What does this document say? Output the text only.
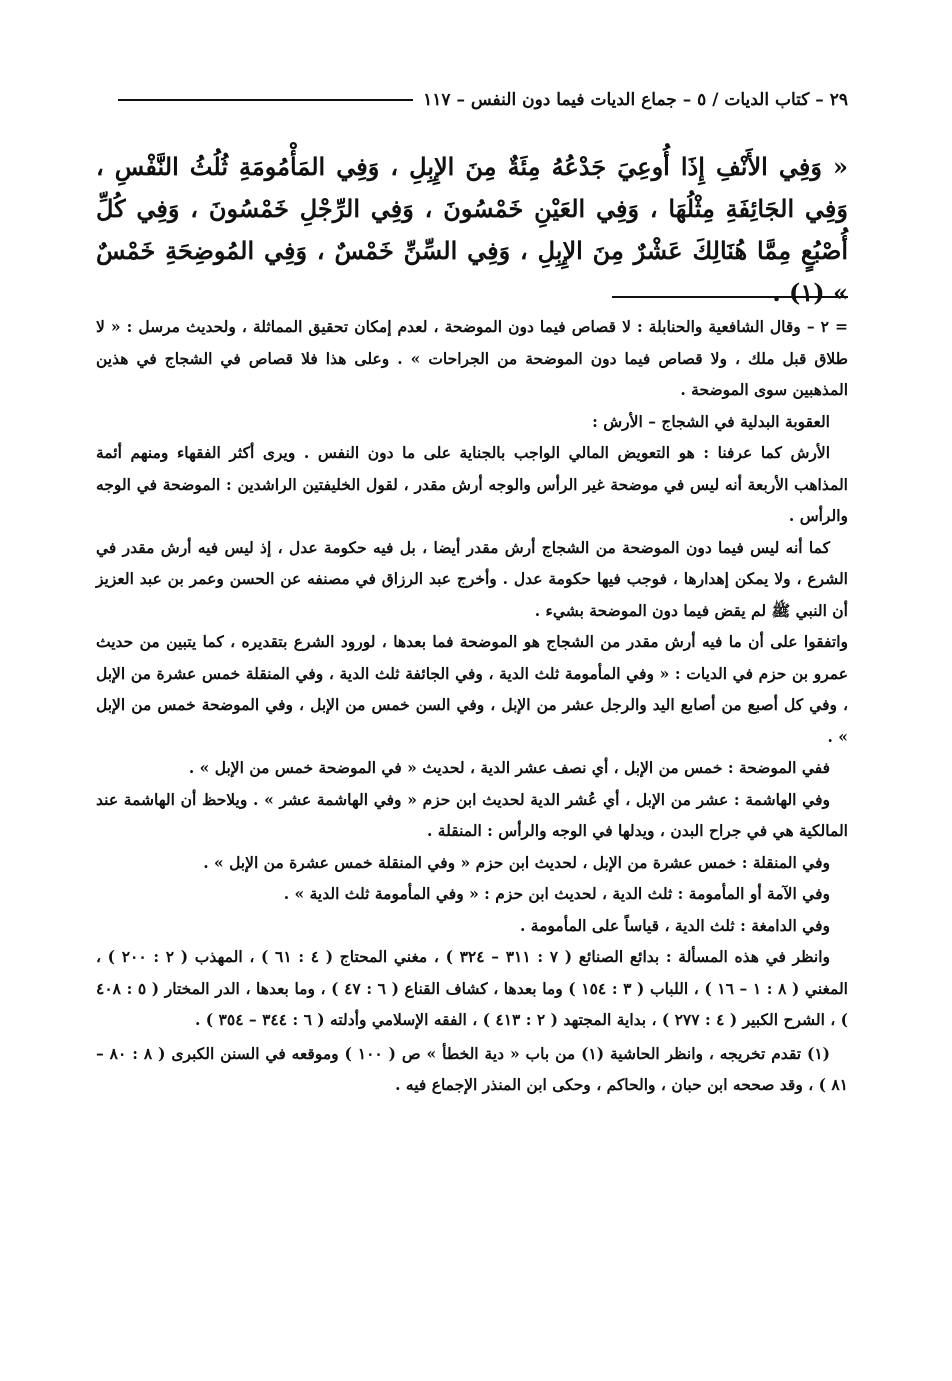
٢٩ – كتاب الديات / ٥ – جماع الديات فيما دون النفس – ١١٧

« وَفِي الأَنْفِ إِذَا أُوعِيَ جَدْعُهُ مِئَةٌ مِنَ الإِبِلِ ، وَفِي المَأْمُومَةِ ثُلُثُ النَّفْسِ ، وَفِي الجَائِفَةِ مِثْلُهَا ، وَفِي العَيْنِ خَمْسُونَ ، وَفِي الرِّجْلِ خَمْسُونَ ، وَفِي كُلِّ أُصْبُعٍ مِمَّا هُنَالِكَ عَشْرٌ مِنَ الإِبِلِ ، وَفِي السِّنِّ خَمْسٌ ، وَفِي المُوضِحَةِ خَمْسٌ » (١) .

= ٢ – وقال الشافعية والحنابلة : لا قصاص فيما دون الموضحة ، لعدم إمكان تحقيق المماثلة ، ولحديث مرسل : « لا طلاق قبل ملك ، ولا قصاص فيما دون الموضحة من الجراحات » . وعلى هذا فلا قصاص في الشجاج في هذين المذهبين سوى الموضحة .

العقوبة البدلية في الشجاج – الأرش :

الأرش كما عرفنا : هو التعويض المالي الواجب بالجناية على ما دون النفس . ويرى أكثر الفقهاء ومنهم أئمة المذاهب الأربعة أنه ليس في موضحة غير الرأس والوجه أرش مقدر ، لقول الخليفتين الراشدين : الموضحة في الوجه والرأس .

كما أنه ليس فيما دون الموضحة من الشجاج أرش مقدر أيضا ، بل فيه حكومة عدل ، إذ ليس فيه أرش مقدر في الشرع ، ولا يمكن إهدارها ، فوجب فيها حكومة عدل . وأخرج عبد الرزاق في مصنفه عن الحسن وعمر بن عبد العزيز أن النبي ﷺ لم يقض فيما دون الموضحة بشيء .

واتفقوا على أن ما فيه أرش مقدر من الشجاج هو الموضحة فما بعدها ، لورود الشرع بتقديره ، كما يتبين من حديث عمرو بن حزم في الديات : « وفي المأمومة ثلث الدية ، وفي الجائفة ثلث الدية ، وفي المنقلة خمس عشرة من الإبل ، وفي كل أصبع من أصابع اليد والرجل عشر من الإبل ، وفي السن خمس من الإبل ، وفي الموضحة خمس من الإبل » .

ففي الموضحة : خمس من الإبل ، أي نصف عشر الدية ، لحديث « في الموضحة خمس من الإبل » .

وفي الهاشمة : عشر من الإبل ، أي عُشر الدية لحديث ابن حزم « وفي الهاشمة عشر » . ويلاحظ أن الهاشمة عند المالكية هي في جراح البدن ، ويدلها في الوجه والرأس : المنقلة .

وفي المنقلة : خمس عشرة من الإبل ، لحديث ابن حزم « وفي المنقلة خمس عشرة من الإبل » .

وفي الآمة أو المأمومة : ثلث الدية ، لحديث ابن حزم : « وفي المأمومة ثلث الدية » .

وفي الدامغة : ثلث الدية ، قياساً على المأمومة .

وانظر في هذه المسألة : بدائع الصنائع ( ٧ : ٣١١ – ٣٢٤ ) ، مغني المحتاج ( ٤ : ٦١ ) ، المهذب ( ٢ : ٢٠٠ ) ، المغني ( ٨ : ١ – ١٦ ) ، اللباب ( ٣ : ١٥٤ ) وما بعدها ، كشاف القناع ( ٦ : ٤٧ ) ، وما بعدها ، الدر المختار ( ٥ : ٤٠٨ ) ، الشرح الكبير ( ٤ : ٢٧٧ ) ، بداية المجتهد ( ٢ : ٤١٣ ) ، الفقه الإسلامي وأدلته ( ٦ : ٣٤٤ – ٣٥٤ ) .

(١) تقدم تخريجه ، وانظر الحاشية (١) من باب « دية الخطأ » ص ( ١٠٠ ) وموقعه في السنن الكبرى ( ٨ : ٨٠ – ٨١ ) ، وقد صححه ابن حبان ، والحاكم ، وحكى ابن المنذر الإجماع فيه .
